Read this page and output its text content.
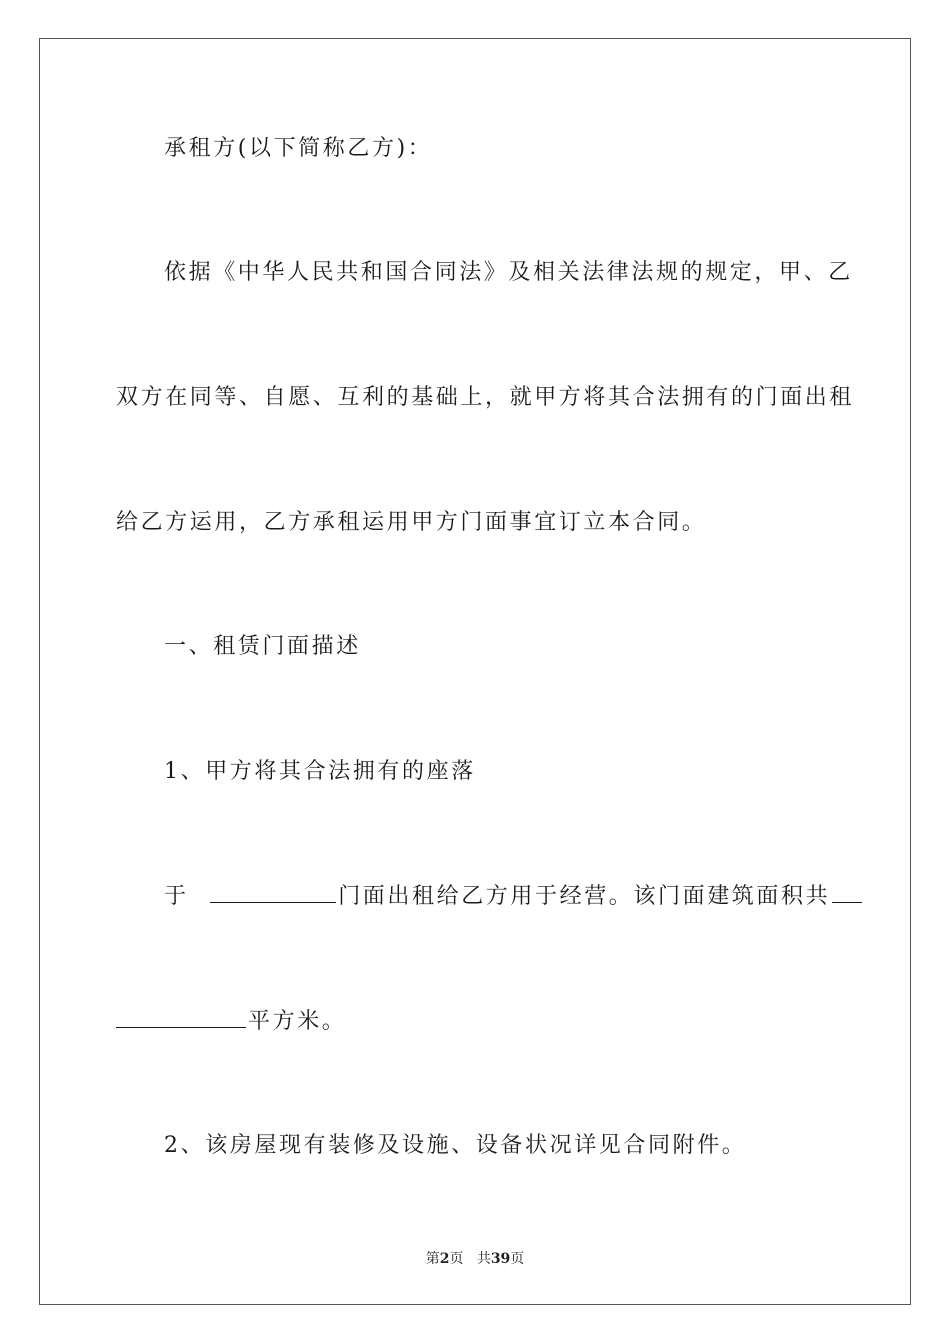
承租方(以下简称乙方)：
依据《中华人民共和国合同法》及相关法律法规的规定，甲、乙
双方在同等、自愿、互利的基础上，就甲方将其合法拥有的门面出租
给乙方运用，乙方承租运用甲方门面事宜订立本合同。
一、租赁门面描述
1、甲方将其合法拥有的座落
于	门面出租给乙方用于经营。该门面建筑面积共
平方米。
2、该房屋现有装修及设施、设备状况详见合同附件。
第2页 共39页
